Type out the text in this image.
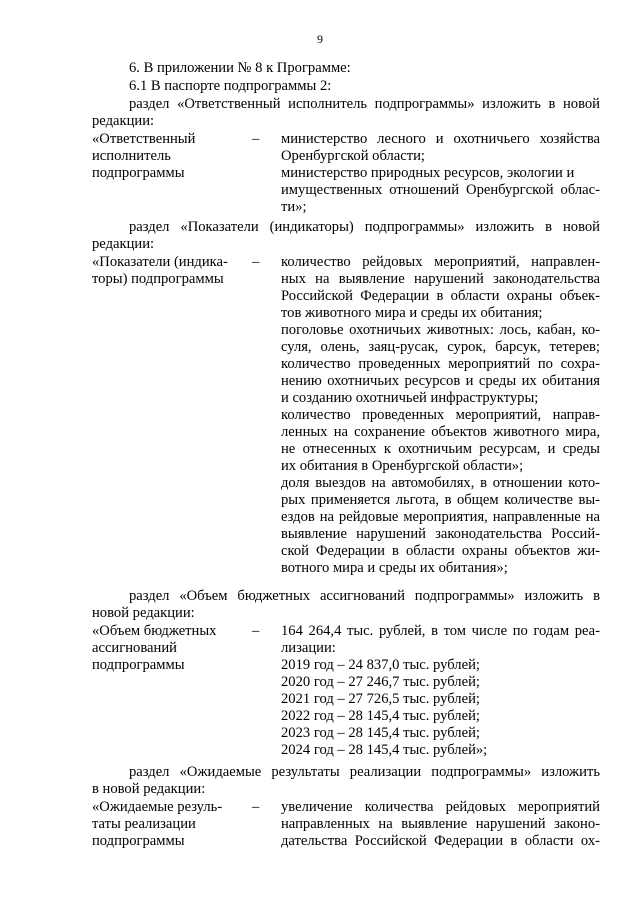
9
6. В приложении № 8 к Программе:
6.1 В паспорте подпрограммы 2:
раздел «Ответственный исполнитель подпрограммы» изложить в новой
редакции:
«Ответственный
исполнитель
подпрограммы
– министерство лесного и охотничьего хозяйства
Оренбургской области;
министерство природных ресурсов, экологии и
имущественных отношений Оренбургской облас-
ти»;
раздел «Показатели (индикаторы) подпрограммы» изложить в новой
редакции:
«Показатели (индика-
торы) подпрограммы
– количество рейдовых мероприятий, направлен-
ных на выявление нарушений законодательства
Российской Федерации в области охраны объек-
тов животного мира и среды их обитания;
поголовье охотничьих животных: лось, кабан, ко-
суля, олень, заяц-русак, сурок, барсук, тетерев;
количество проведенных мероприятий по сохра-
нению охотничьих ресурсов и среды их обитания
и созданию охотничьей инфраструктуры;
количество проведенных мероприятий, направ-
ленных на сохранение объектов животного мира,
не отнесенных к охотничьим ресурсам, и среды
их обитания в Оренбургской области»;
доля выездов на автомобилях, в отношении кото-
рых применяется льгота, в общем количестве вы-
ездов на рейдовые мероприятия, направленные на
выявление нарушений законодательства Россий-
ской Федерации в области охраны объектов жи-
вотного мира и среды их обитания»;
раздел «Объем бюджетных ассигнований подпрограммы» изложить в
новой редакции:
«Объем бюджетных
ассигнований
подпрограммы
– 164 264,4 тыс. рублей, в том числе по годам реа-
лизации:
2019 год – 24 837,0 тыс. рублей;
2020 год – 27 246,7 тыс. рублей;
2021 год – 27 726,5 тыс. рублей;
2022 год – 28 145,4 тыс. рублей;
2023 год – 28 145,4 тыс. рублей;
2024 год – 28 145,4 тыс. рублей»;
раздел «Ожидаемые результаты реализации подпрограммы» изложить
в новой редакции:
«Ожидаемые резуль-
таты реализации
подпрограммы
– увеличение количества рейдовых мероприятий
направленных на выявление нарушений законо-
дательства Российской Федерации в области ох-
